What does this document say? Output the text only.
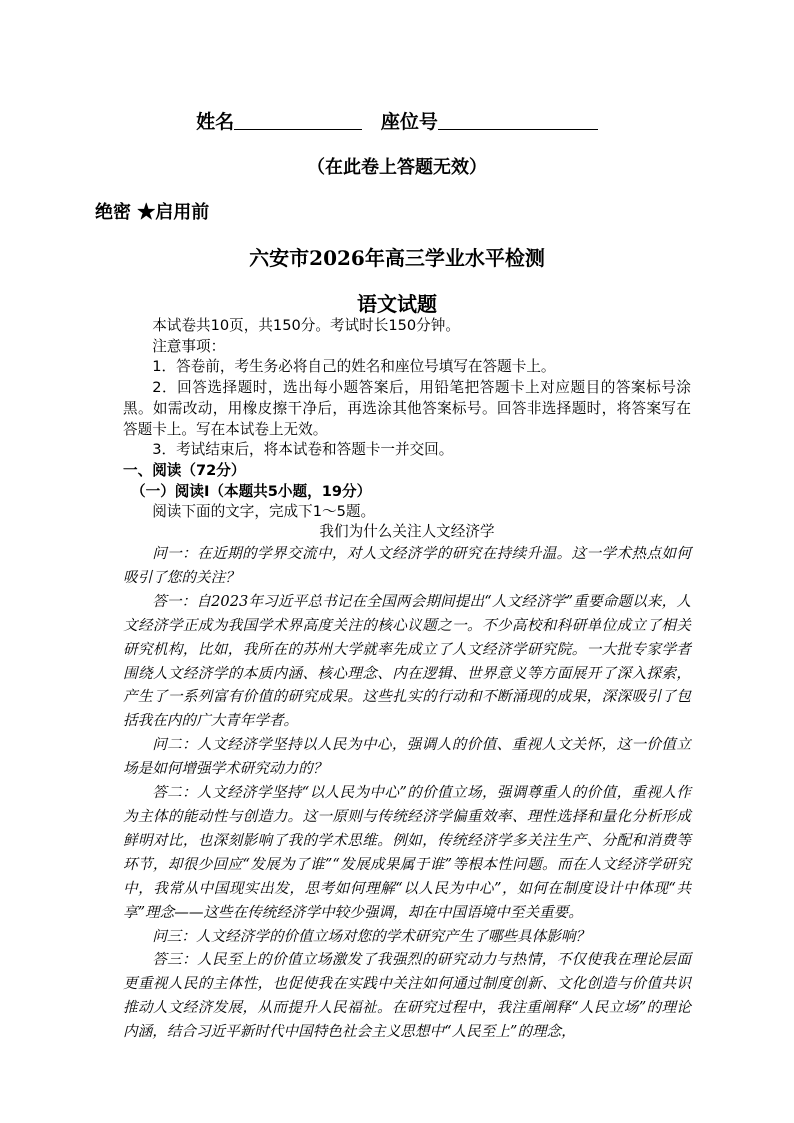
姓名	座位号
（在此卷上答题无效）
绝密 ★启用前
六安市2026年高三学业水平检测
语文试题

本试卷共10页，共150分。考试时长150分钟。

注意事项：

1．答卷前，考生务必将自己的姓名和座位号填写在答题卡上。

2．回答选择题时，选出每小题答案后，用铅笔把答题卡上对应题目的答案标号涂黑。如需改动，用橡皮擦干净后，再选涂其他答案标号。回答非选择题时，将答案写在答题卡上。写在本试卷上无效。

3．考试结束后，将本试卷和答题卡一并交回。

一、阅读（72分）

（一）阅读Ⅰ（本题共5小题，19分）

阅读下面的文字，完成下1～5题。

我们为什么关注人文经济学

问一：在近期的学界交流中，对人文经济学的研究在持续升温。这一学术热点如何吸引了您的关注？

答一：自2023年习近平总书记在全国两会期间提出“人文经济学”重要命题以来，人文经济学正成为我国学术界高度关注的核心议题之一。不少高校和科研单位成立了相关研究机构，比如，我所在的苏州大学就率先成立了人文经济学研究院。一大批专家学者围绕人文经济学的本质内涵、核心理念、内在逻辑、世界意义等方面展开了深入探索，产生了一系列富有价值的研究成果。这些扎实的行动和不断涌现的成果，深深吸引了包括我在内的广大青年学者。

问二：人文经济学坚持以人民为中心，强调人的价值、重视人文关怀，这一价值立场是如何增强学术研究动力的？

答二：人文经济学坚持“以人民为中心”的价值立场，强调尊重人的价值，重视人作为主体的能动性与创造力。这一原则与传统经济学偏重效率、理性选择和量化分析形成鲜明对比，也深刻影响了我的学术思维。例如，传统经济学多关注生产、分配和消费等环节，却很少回应“发展为了谁”“发展成果属于谁”等根本性问题。而在人文经济学研究中，我常从中国现实出发，思考如何理解“以人民为中心”，如何在制度设计中体现“共享”理念——这些在传统经济学中较少强调，却在中国语境中至关重要。

问三：人文经济学的价值立场对您的学术研究产生了哪些具体影响？

答三：人民至上的价值立场激发了我强烈的研究动力与热情，不仅使我在理论层面更重视人民的主体性，也促使我在实践中关注如何通过制度创新、文化创造与价值共识推动人文经济发展，从而提升人民福祉。在研究过程中，我注重阐释“人民立场”的理论内涵，结合习近平新时代中国特色社会主义思想中“人民至上”的理念，
